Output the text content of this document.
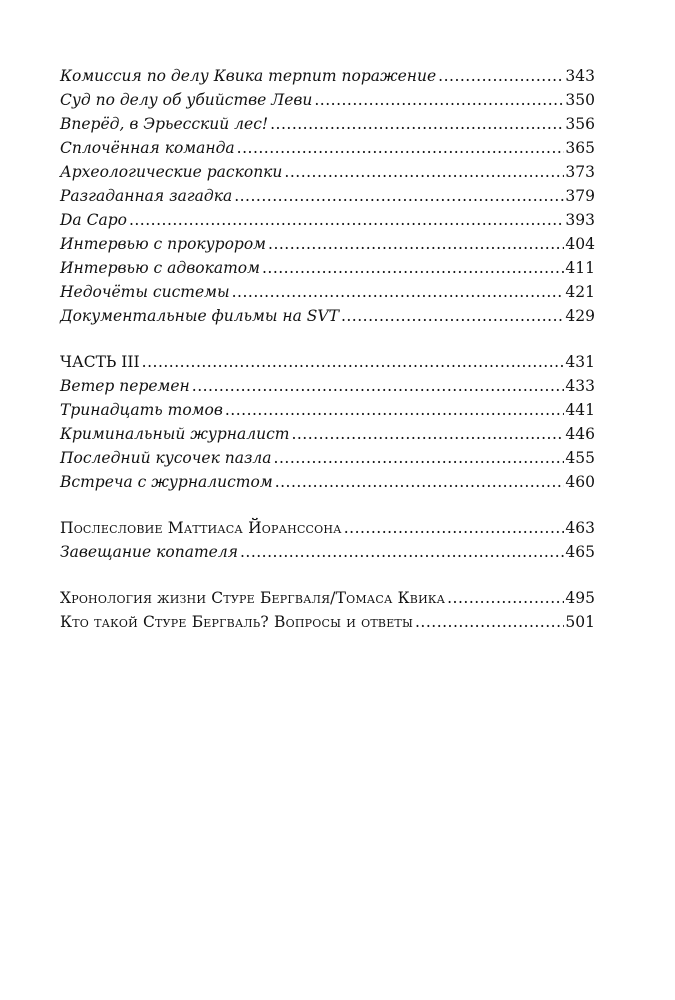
Комиссия по делу Квика терпит поражение .....	343
Суд по делу об убийстве Леви .....	350
Вперёд, в Эрьесский лес! .....	356
Сплочённая команда .....	365
Археологические раскопки .....	373
Разгаданная загадка .....	379
Da Capo .....	393
Интервью с прокурором .....	404
Интервью с адвокатом .....	411
Недочёты системы .....	421
Документальные фильмы на SVT .....	429
ЧАСТЬ III .....	431
Ветер перемен .....	433
Тринадцать томов .....	441
Криминальный журналист .....	446
Последний кусочек пазла .....	455
Встреча с журналистом .....	460
Послесловие Маттиаса Йоранссона .....	463
Завещание копателя .....	465
Хронология жизни Стуре Бергваля/Томаса Квика .....	495
Кто такой Стуре Бергваль? Вопросы и ответы .....	501
